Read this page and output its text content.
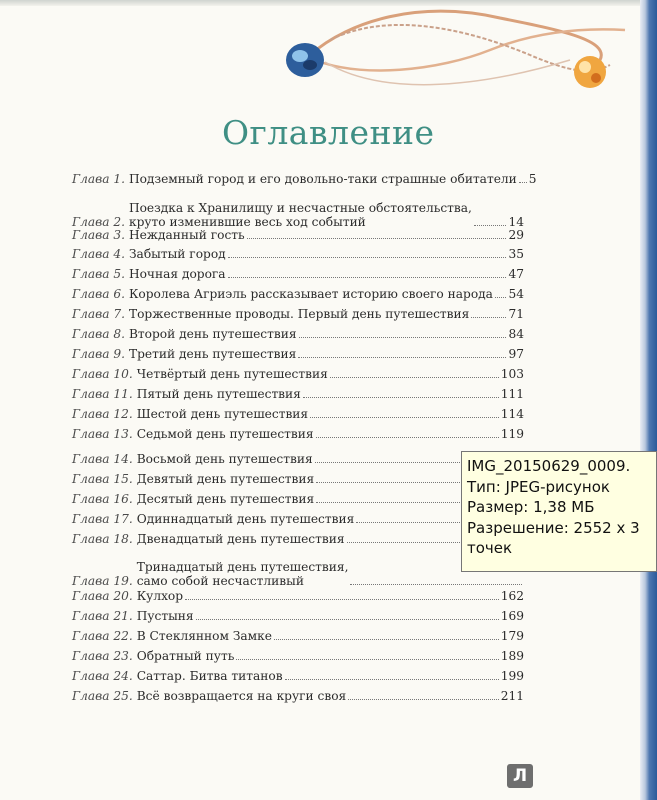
Оглавление
Глава 1. Подземный город и его довольно-таки страшные обитатели 5
Глава 2.
Поездка к Хранилищу и несчастные обстоятельства,
круто изменившие весь ход событий	14
Глава 3. Нежданный гость	29
Глава 4. Забытый город	35
Глава 5. Ночная дорога	47
Глава 6. Королева Агриэль рассказывает историю своего народа 54
Глава 7. Торжественные проводы. Первый день путешествия	71
Глава 8. Второй день путешествия	84
Глава 9. Третий день путешествия	97
Глава 10. Четвёртый день путешествия	103
Глава 11. Пятый день путешествия	111
Глава 12. Шестой день путешествия	114
Глава 13. Седьмой день путешествия	119
Глава 14. Восьмой день путешествия
Глава 15. Девятый день путешествия
Глава 16. Десятый день путешествия
Глава 17. Одиннадцатый день путешествия
Глава 18. Двенадцатый день путешествия
Глава 19.
Тринадцатый день путешествия,
само собой несчастливый
Глава 20. Кулхор	162
Глава 21. Пустыня	169
Глава 22. В Стеклянном Замке	179
Глава 23. Обратный путь	189
Глава 24. Саттар. Битва титанов	199
Глава 25. Всё возвращается на круги своя	211
IMG_20150629_0009.
Тип: JPEG-рисунок
Размер: 1,38 МБ
Разрешение: 2552 x 3
точек
Л
